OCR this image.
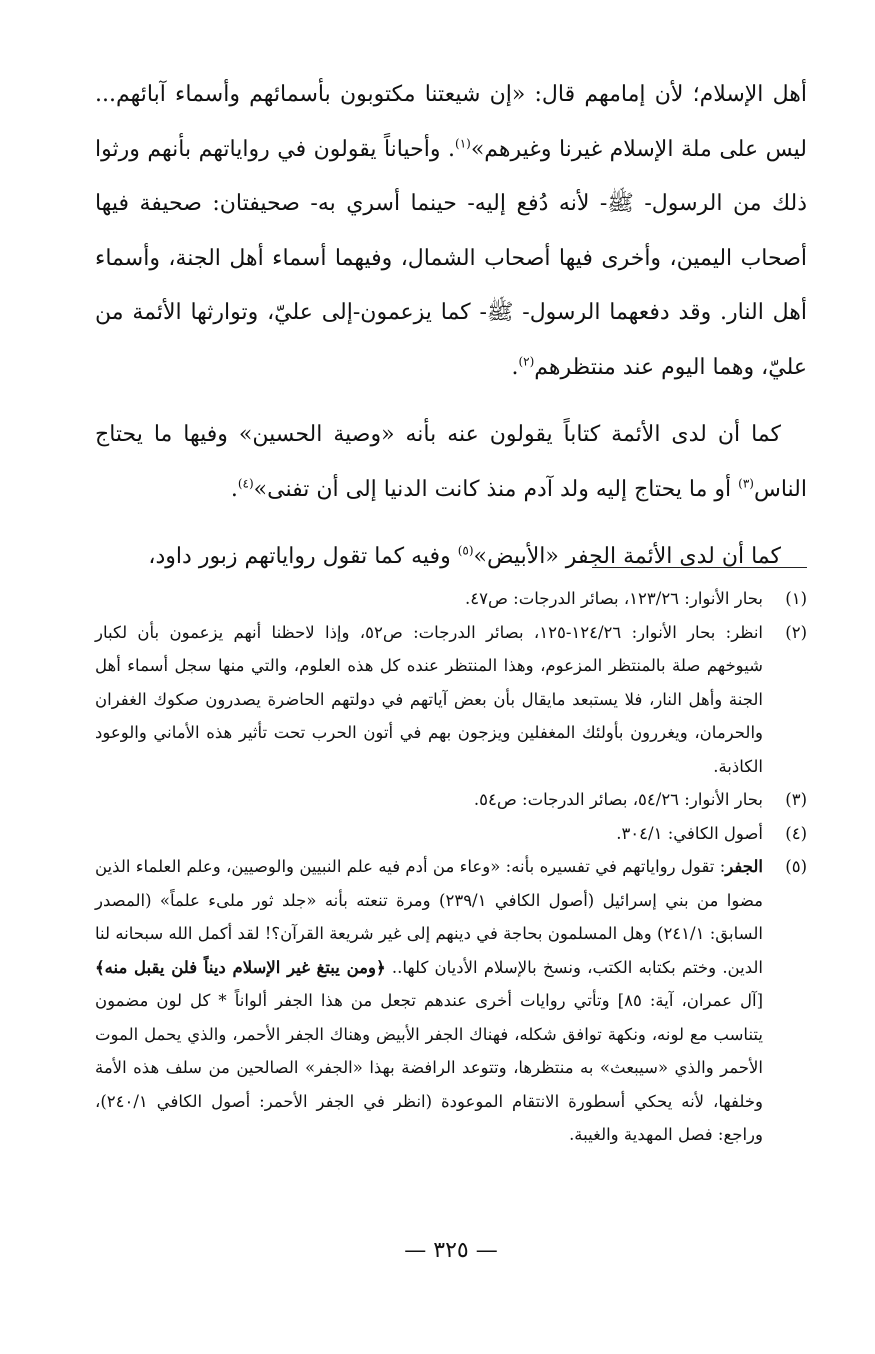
أهل الإسلام؛ لأن إمامهم قال: «إن شيعتنا مكتوبون بأسمائهم وأسماء آبائهم... ليس على ملة الإسلام غيرنا وغيرهم»$^{(١)}$. وأحياناً يقولون في رواياتهم بأنهم ورثوا ذلك من الرسول- ﷺ- لأنه دُفع إليه- حينما أسري به- صحيفتان: صحيفة فيها أصحاب اليمين، وأخرى فيها أصحاب الشمال، وفيهما أسماء أهل الجنة، وأسماء أهل النار. وقد دفعهما الرسول- ﷺ- كما يزعمون-إلى عليّ، وتوارثها الأئمة من عليّ، وهما اليوم عند منتظرهم$^{(٢)}$.

كما أن لدى الأئمة كتاباً يقولون عنه بأنه «وصية الحسين» وفيها ما يحتاج الناس$^{(٣)}$ أو ما يحتاج إليه ولد آدم منذ كانت الدنيا إلى أن تفنى»$^{(٤)}$.

كما أن لدى الأئمة الجفر «الأبيض»$^{(٥)}$ وفيه كما تقول رواياتهم زبور داود،

(١)
بحار الأنوار: ١٢٣/٢٦، بصائر الدرجات: ص٤٧.
(٢)
انظر: بحار الأنوار: ١٢٤/٢٦-١٢٥، بصائر الدرجات: ص٥٢، وإذا لاحظنا أنهم يزعمون بأن لكبار شيوخهم صلة بالمنتظر المزعوم، وهذا المنتظر عنده كل هذه العلوم، والتي منها سجل أسماء أهل الجنة وأهل النار، فلا يستبعد مايقال بأن بعض آياتهم في دولتهم الحاضرة يصدرون صكوك الغفران والحرمان، ويغررون بأولئك المغفلين ويزجون بهم في أتون الحرب تحت تأثير هذه الأماني والوعود الكاذبة.
(٣)
بحار الأنوار: ٥٤/٢٦، بصائر الدرجات: ص٥٤.
(٤)
أصول الكافي: ٣٠٤/١.
(٥)
الجفر: تقول رواياتهم في تفسيره بأنه: «وعاء من أدم فيه علم النبيين والوصيين، وعلم العلماء الذين مضوا من بني إسرائيل (أصول الكافي ٢٣٩/١) ومرة تنعته بأنه «جلد ثور ملىء علماً» (المصدر السابق: ٢٤١/١) وهل المسلمون بحاجة في دينهم إلى غير شريعة القرآن؟! لقد أكمل الله سبحانه لنا الدين. وختم بكتابه الكتب، ونسخ بالإسلام الأديان كلها.. ﴿ومن يبتغ غير الإسلام ديناً فلن يقبل منه﴾ [آل عمران، آية: ٨٥] وتأتي روايات أخرى عندهم تجعل من هذا الجفر ألواناً * كل لون مضمون يتناسب مع لونه، ونكهة توافق شكله، فهناك الجفر الأبيض وهناك الجفر الأحمر، والذي يحمل الموت الأحمر والذي «سيبعث» به منتظرها، وتتوعد الرافضة بهذا «الجفر» الصالحين من سلف هذه الأمة وخلفها، لأنه يحكي أسطورة الانتقام الموعودة (انظر في الجفر الأحمر: أصول الكافي ٢٤٠/١)، وراجع: فصل المهدية والغيبة.
— ٣٢٥ —
